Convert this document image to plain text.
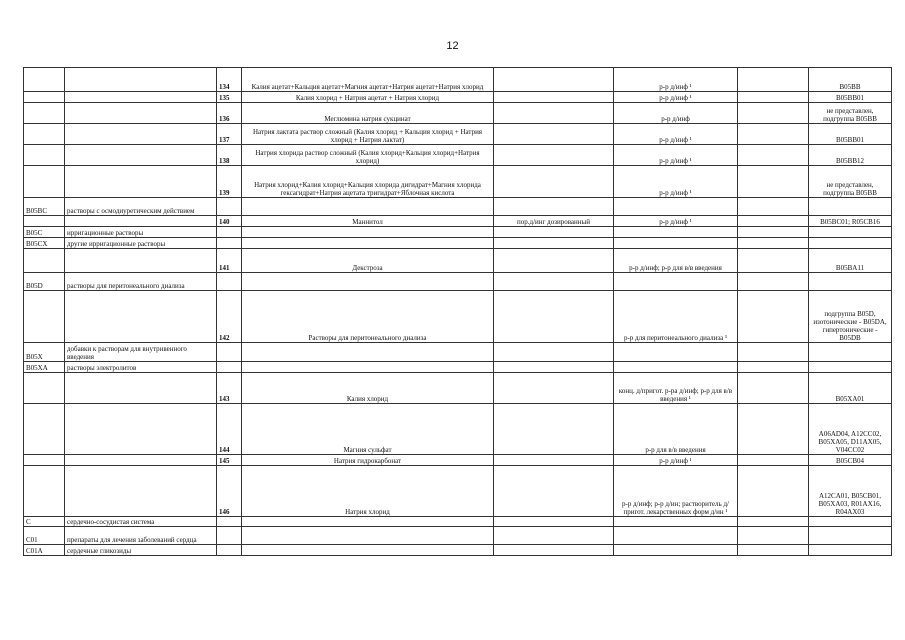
12
		134	Калия ацетат+Кальция ацетат+Магния ацетат+Натрия ацетат+Натрия хлорид		р-р д/инф ¹		B05BB
		135	Калия хлорид + Натрия ацетат + Натрия хлорид		р-р д/инф ¹		B05BB01
		136	Меглюмина натрия сукцинат		р-р д/инф		не представлен, подгруппа B05BB
		137	Натрия лактата раствор сложный (Калия хлорид + Кальция хлорид + Натрия хлорид + Натрия лактат)		р-р д/инф ¹		B05BB01
		138	Натрия хлорида раствор сложный (Калия хлорид+Кальция хлорид+Натрия хлорид)		р-р д/инф ¹		B05BB12
		139	Натрия хлорид+Калия хлорид+Кальция хлорида дигидрат+Магния хлорида гексагидрат+Натрия ацетата тригидрат+Яблочная кислота		р-р д/инф ¹		не представлен, подгруппа B05BB
B05BC	растворы с осмодиуретическим действием						
		140	Маннитол	пор.д/инг дозированный	р-р д/инф ¹		B05BC01; R05CB16
B05C	ирригационные растворы						
B05CX	другие ирригационные растворы						
		141	Декстроза		р-р д/инф; р-р для в/в введения		B05BA11
B05D	растворы для перитонеального диализа						
		142	Растворы для перитонеального диализа		р-р для перитонеального диализа ¹		подгруппа B05D, изотонические - B05DA, гипертонические - B05DB
B05X	добавки к растворам для внутривенного введения						
B05XA	растворы электролитов						
		143	Калия хлорид		конц. д/пригот. р-ра д/инф; р-р для в/в введения ¹		B05XA01
		144	Магния сульфат		р-р для в/в введения		A06AD04, A12CC02, B05XA05, D11AX05, V04CC02
		145	Натрия гидрокарбонат		р-р д/инф ¹		B05CB04
		146	Натрия хлорид		р-р д/инф; р-р д/ин; растворитель д/пригот. лекарственных форм д/ин ¹		A12CA01, B05CB01, B05XA03, R01AX16, R04AX03
C	сердечно-сосудистая система						
C01	препараты для лечения заболеваний сердца						
C01A	сердечные гликозиды						
